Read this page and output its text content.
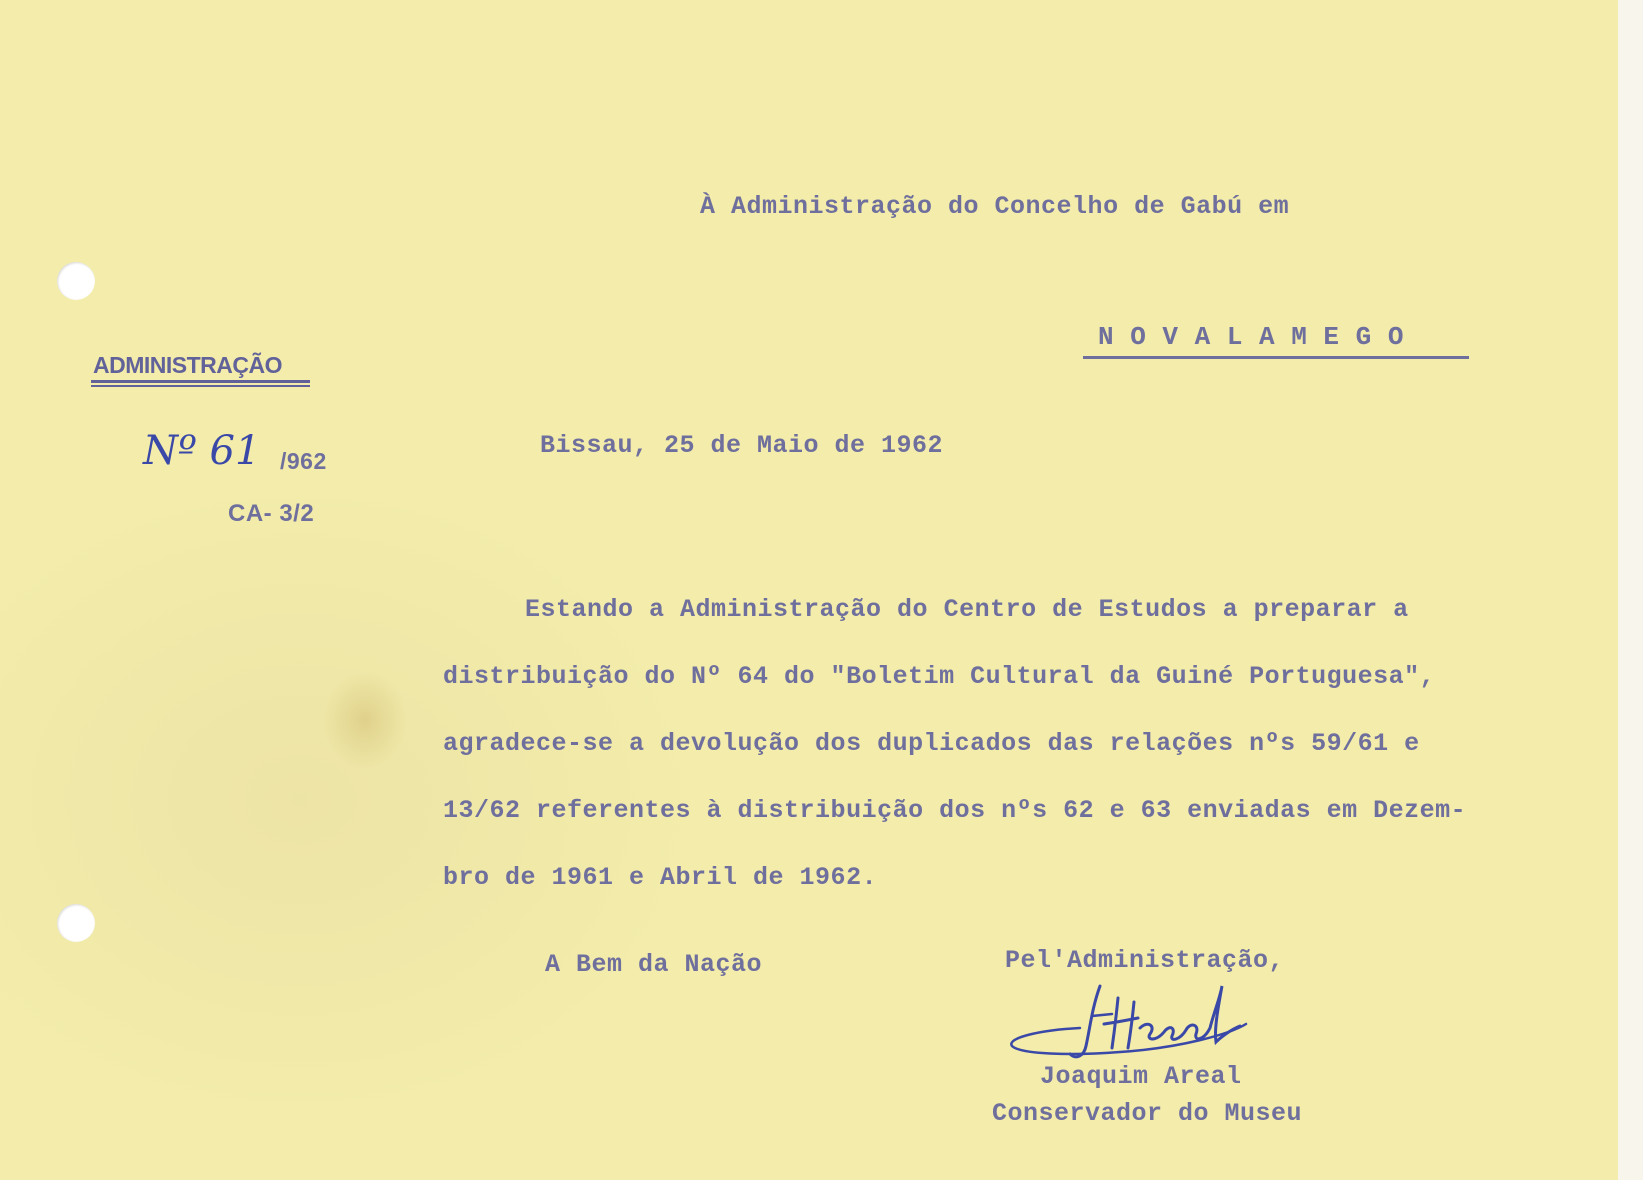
À Administração do Concelho de Gabú em
N O V A L A M E G O
ADMINISTRAÇÃO
Nº 61 /962
CA- 3/2
Bissau, 25 de Maio de 1962
Estando a Administração do Centro de Estudos a preparar a
distribuição do Nº 64 do "Boletim Cultural da Guiné Portuguesa",
agradece-se a devolução dos duplicados das relações nºs 59/61 e
13/62 referentes à distribuição dos nºs 62 e 63 enviadas em Dezem-
bro de 1961 e Abril de 1962.
A Bem da Nação	Pel'Administração,
Joaquim Areal
Conservador do Museu
